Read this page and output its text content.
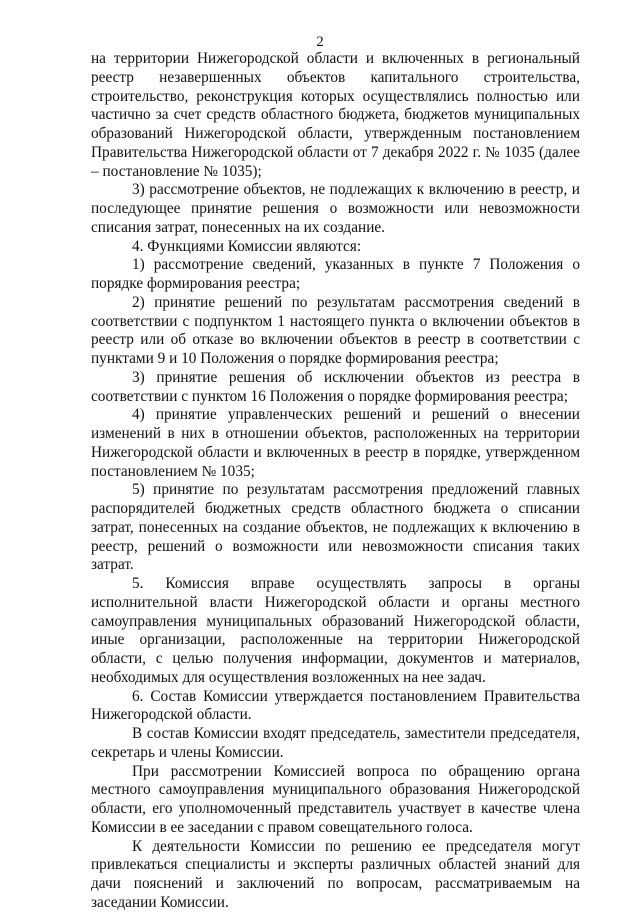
2

на территории Нижегородской области и включенных в региональный реестр незавершенных объектов капитального строительства, строительство, реконструкция которых осуществлялись полностью или частично за счет средств областного бюджета, бюджетов муниципальных образований Нижегородской области, утвержденным постановлением Правительства Нижегородской области от 7 декабря 2022 г. № 1035 (далее – постановление № 1035);

3) рассмотрение объектов, не подлежащих к включению в реестр, и последующее принятие решения о возможности или невозможности списания затрат, понесенных на их создание.

4. Функциями Комиссии являются:

1) рассмотрение сведений, указанных в пункте 7 Положения о порядке формирования реестра;

2) принятие решений по результатам рассмотрения сведений в соответствии с подпунктом 1 настоящего пункта о включении объектов в реестр или об отказе во включении объектов в реестр в соответствии с пунктами 9 и 10 Положения о порядке формирования реестра;

3) принятие решения об исключении объектов из реестра в соответствии с пунктом 16 Положения о порядке формирования реестра;

4) принятие управленческих решений и решений о внесении изменений в них в отношении объектов, расположенных на территории Нижегородской области и включенных в реестр в порядке, утвержденном постановлением № 1035;

5) принятие по результатам рассмотрения предложений главных распорядителей бюджетных средств областного бюджета о списании затрат, понесенных на создание объектов, не подлежащих к включению в реестр, решений о возможности или невозможности списания таких затрат.

5. Комиссия вправе осуществлять запросы в органы исполнительной власти Нижегородской области и органы местного самоуправления муниципальных образований Нижегородской области, иные организации, расположенные на территории Нижегородской области, с целью получения информации, документов и материалов, необходимых для осуществления возложенных на нее задач.

6. Состав Комиссии утверждается постановлением Правительства Нижегородской области.

В состав Комиссии входят председатель, заместители председателя, секретарь и члены Комиссии.

При рассмотрении Комиссией вопроса по обращению органа местного самоуправления муниципального образования Нижегородской области, его уполномоченный представитель участвует в качестве члена Комиссии в ее заседании с правом совещательного голоса.

К деятельности Комиссии по решению ее председателя могут привлекаться специалисты и эксперты различных областей знаний для дачи пояснений и заключений по вопросам, рассматриваемым на заседании Комиссии.
